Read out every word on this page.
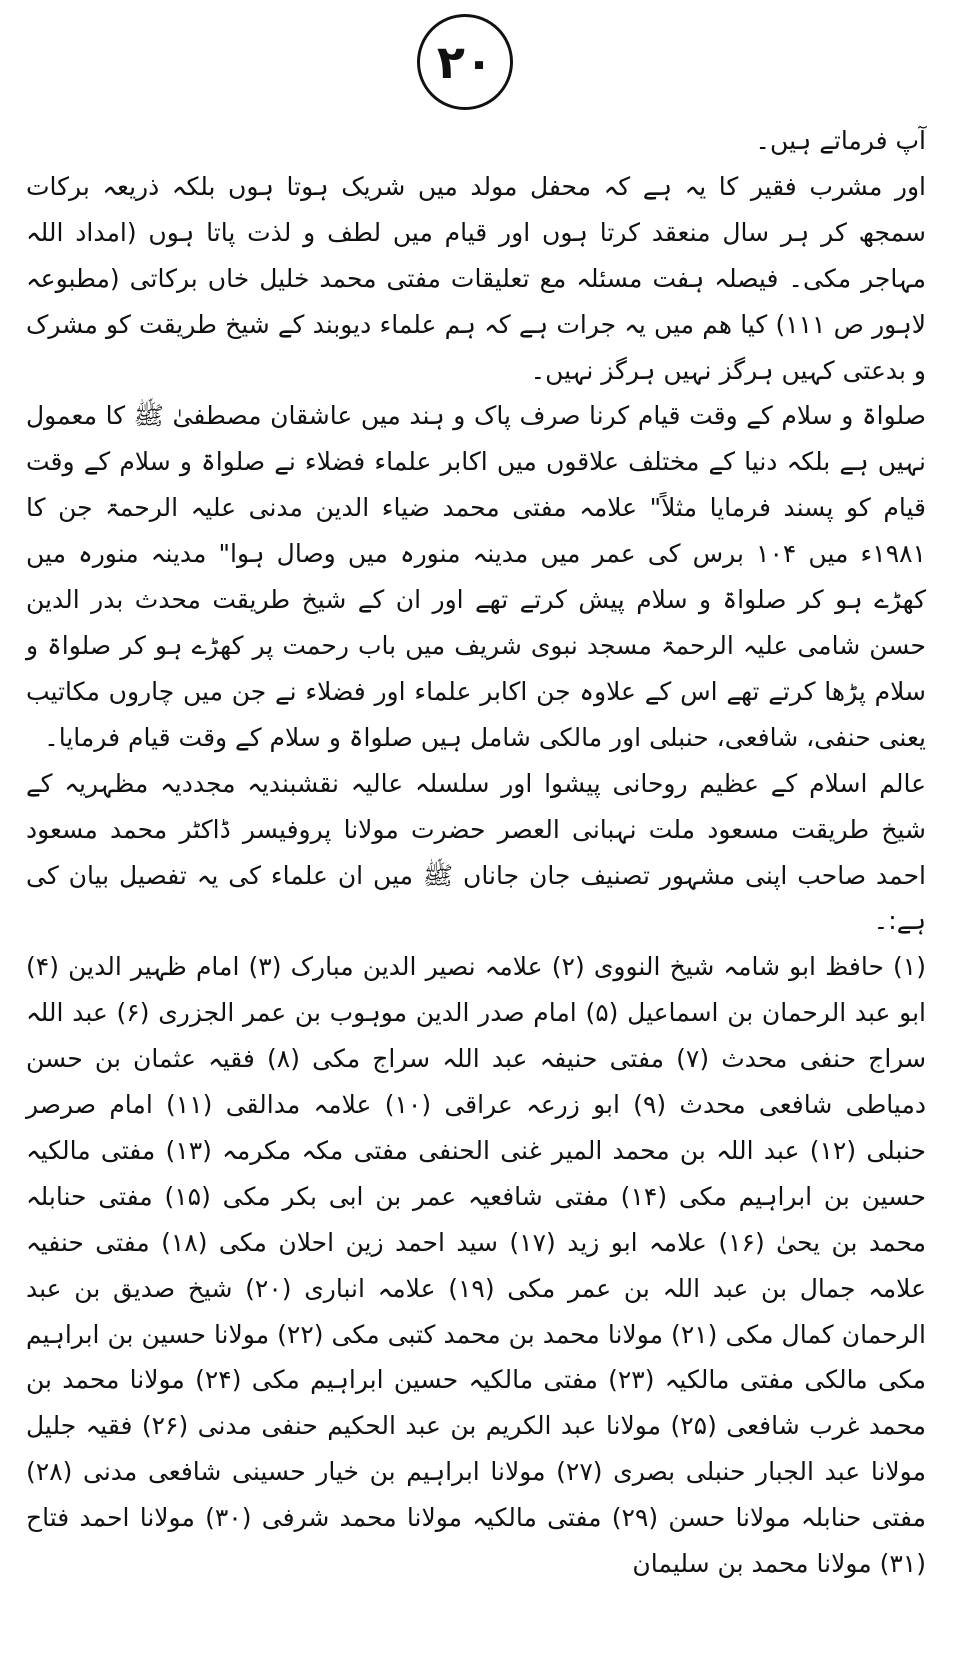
۲۰

آپ فرماتے ہیں۔

اور مشرب فقیر کا یہ ہے کہ محفل مولد میں شریک ہوتا ہوں بلکہ ذریعہ برکات سمجھ کر ہر سال منعقد کرتا ہوں اور قیام میں لطف و لذت پاتا ہوں (امداد اللہ مہاجر مکی۔ فیصلہ ہفت مسئلہ مع تعلیقات مفتی محمد خلیل خاں برکاتی (مطبوعہ لاہور ص ۱۱۱) کیا ھم میں یہ جرات ہے کہ ہم علماء دیوبند کے شیخ طریقت کو مشرک و بدعتی کہیں ہرگز نہیں ہرگز نہیں۔

صلواۃ و سلام کے وقت قیام کرنا صرف پاک و ہند میں عاشقان مصطفیٰ ﷺ کا معمول نہیں ہے بلکہ دنیا کے مختلف علاقوں میں اکابر علماء فضلاء نے صلواۃ و سلام کے وقت قیام کو پسند فرمایا مثلاً" علامہ مفتی محمد ضیاء الدین مدنی علیہ الرحمۃ جن کا ۱۹۸۱ء میں ۱۰۴ برس کی عمر میں مدینہ منورہ میں وصال ہوا" مدینہ منورہ میں کھڑے ہو کر صلواۃ و سلام پیش کرتے تھے اور ان کے شیخ طریقت محدث بدر الدین حسن شامی علیہ الرحمۃ مسجد نبوی شریف میں باب رحمت پر کھڑے ہو کر صلواۃ و سلام پڑھا کرتے تھے اس کے علاوہ جن اکابر علماء اور فضلاء نے جن میں چاروں مکاتیب یعنی حنفی، شافعی، حنبلی اور مالکی شامل ہیں صلواۃ و سلام کے وقت قیام فرمایا۔

عالم اسلام کے عظیم روحانی پیشوا اور سلسلہ عالیہ نقشبندیہ مجددیہ مظہریہ کے شیخ طریقت مسعود ملت نہبانی العصر حضرت مولانا پروفیسر ڈاکٹر محمد مسعود احمد صاحب اپنی مشہور تصنیف جان جاناں ﷺ میں ان علماء کی یہ تفصیل بیان کی ہے:۔

(۱) حافظ ابو شامہ شیخ النووی (۲) علامہ نصیر الدین مبارک (۳) امام ظہیر الدین (۴) ابو عبد الرحمان بن اسماعیل (۵) امام صدر الدین موہوب بن عمر الجزری (۶) عبد اللہ سراج حنفی محدث (۷) مفتی حنیفہ عبد اللہ سراج مکی (۸) فقیہ عثمان بن حسن دمیاطی شافعی محدث (۹) ابو زرعہ عراقی (۱۰) علامہ مدالقی (۱۱) امام صرصر حنبلی (۱۲) عبد اللہ بن محمد المیر غنی الحنفی مفتی مکہ مکرمہ (۱۳) مفتی مالکیہ حسین بن ابراہیم مکی (۱۴) مفتی شافعیہ عمر بن ابی بکر مکی (۱۵) مفتی حنابلہ محمد بن یحیٰ (۱۶) علامہ ابو زید (۱۷) سید احمد زین احلان مکی (۱۸) مفتی حنفیہ علامہ جمال بن عبد اللہ بن عمر مکی (۱۹) علامہ انباری (۲۰) شیخ صدیق بن عبد الرحمان کمال مکی (۲۱) مولانا محمد بن محمد کتبی مکی (۲۲) مولانا حسین بن ابراہیم مکی مالکی مفتی مالکیہ (۲۳) مفتی مالکیہ حسین ابراہیم مکی (۲۴) مولانا محمد بن محمد غرب شافعی (۲۵) مولانا عبد الکریم بن عبد الحکیم حنفی مدنی (۲۶) فقیہ جلیل مولانا عبد الجبار حنبلی بصری (۲۷) مولانا ابراہیم بن خیار حسینی شافعی مدنی (۲۸) مفتی حنابلہ مولانا حسن (۲۹) مفتی مالکیہ مولانا محمد شرفی (۳۰) مولانا احمد فتاح (۳۱) مولانا محمد بن سلیمان
